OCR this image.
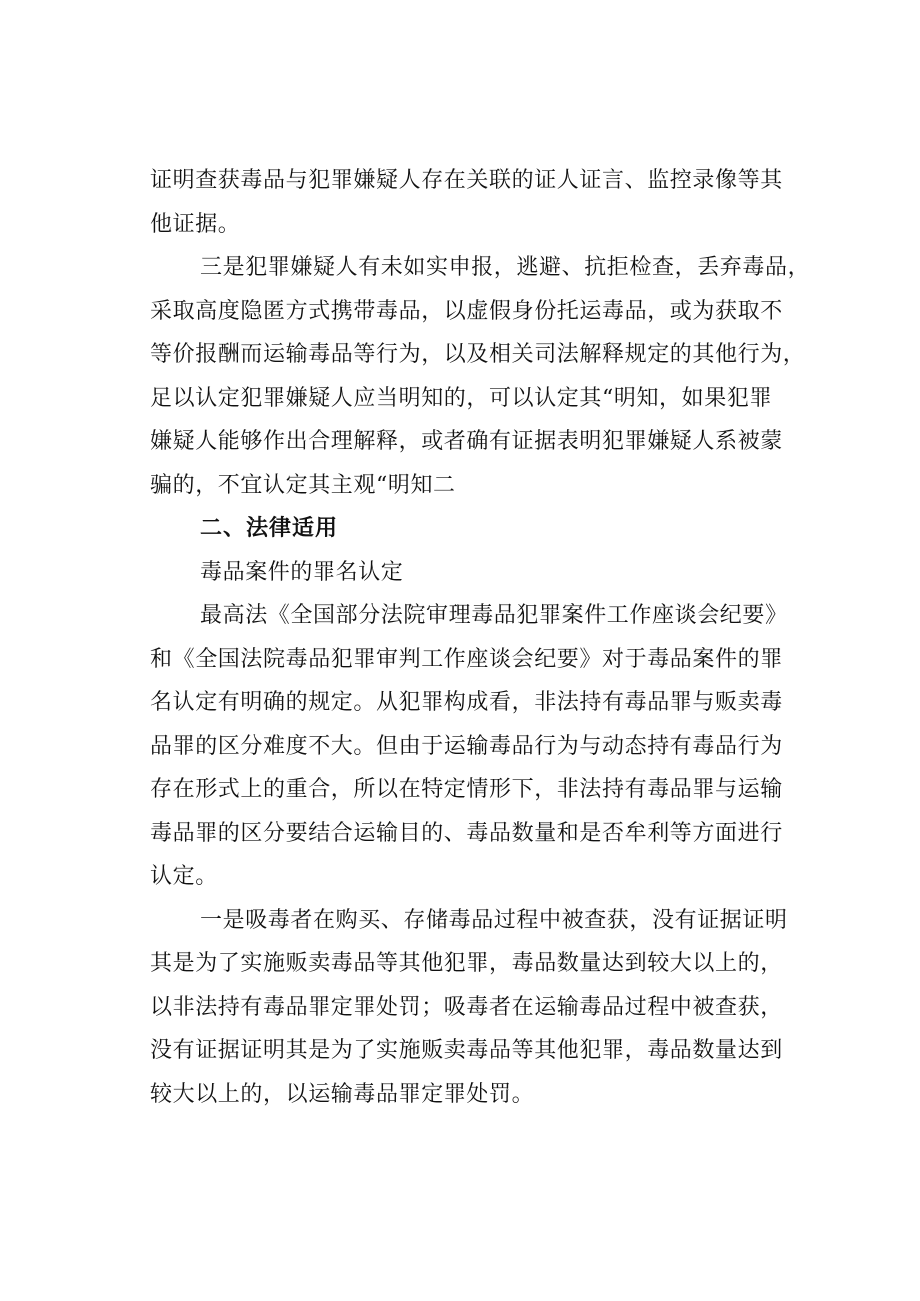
证明查获毒品与犯罪嫌疑人存在关联的证人证言、监控录像等其
他证据。
三是犯罪嫌疑人有未如实申报，逃避、抗拒检查，丢弃毒品，
采取高度隐匿方式携带毒品，以虚假身份托运毒品，或为获取不
等价报酬而运输毒品等行为，以及相关司法解释规定的其他行为，
足以认定犯罪嫌疑人应当明知的，可以认定其“明知，如果犯罪
嫌疑人能够作出合理解释，或者确有证据表明犯罪嫌疑人系被蒙
骗的，不宜认定其主观“明知二
二、法律适用
毒品案件的罪名认定
最高法《全国部分法院审理毒品犯罪案件工作座谈会纪要》
和《全国法院毒品犯罪审判工作座谈会纪要》对于毒品案件的罪
名认定有明确的规定。从犯罪构成看，非法持有毒品罪与贩卖毒
品罪的区分难度不大。但由于运输毒品行为与动态持有毒品行为
存在形式上的重合，所以在特定情形下，非法持有毒品罪与运输
毒品罪的区分要结合运输目的、毒品数量和是否牟利等方面进行
认定。
一是吸毒者在购买、存储毒品过程中被查获，没有证据证明
其是为了实施贩卖毒品等其他犯罪，毒品数量达到较大以上的，
以非法持有毒品罪定罪处罚；吸毒者在运输毒品过程中被查获，
没有证据证明其是为了实施贩卖毒品等其他犯罪，毒品数量达到
较大以上的，以运输毒品罪定罪处罚。
